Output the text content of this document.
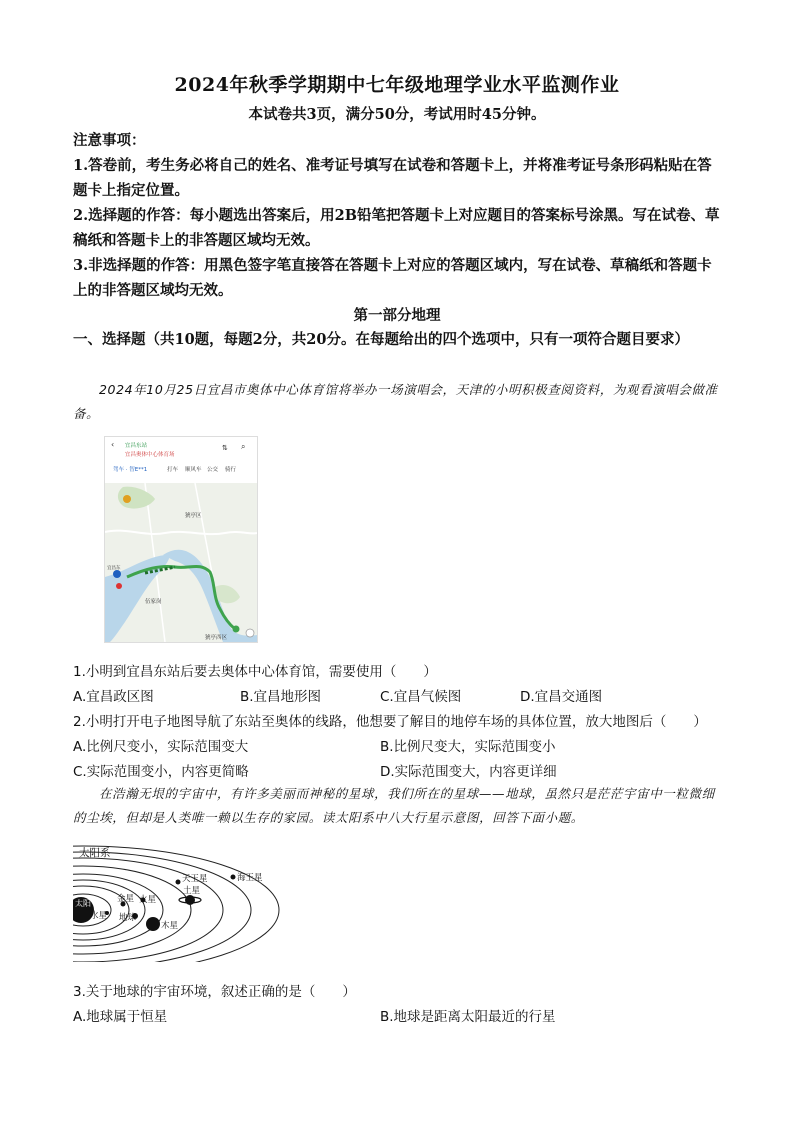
2024年秋季学期期中七年级地理学业水平监测作业
本试卷共3页，满分50分，考试用时45分钟。
注意事项：
1.答卷前，考生务必将自己的姓名、准考证号填写在试卷和答题卡上，并将准考证号条形码粘贴在答题卡上指定位置。
2.选择题的作答：每小题选出答案后，用2B铅笔把答题卡上对应题目的答案标号涂黑。写在试卷、草稿纸和答题卡上的非答题区域均无效。
3.非选择题的作答：用黑色签字笔直接答在答题卡上对应的答题区域内，写在试卷、草稿纸和答题卡上的非答题区域均无效。
第一部分地理
一、选择题（共10题，每题2分，共20分。在每题给出的四个选项中，只有一项符合题目要求）
2024年10月25日宜昌市奥体中心体育馆将举办一场演唱会，天津的小明积极查阅资料，为观看演唱会做准备。
‹ 宜昌东站
宜昌奥体中心体育场
⇅ ⌕
驾车 · 智E**1	打车 顺风车 公交 骑行
猇亭区
伍家岗
猇亭西区
宜昌东
1.小明到宜昌东站后要去奥体中心体育馆，需要使用（　　）
A.宜昌政区图	B.宜昌地形图	C.宜昌气候图	D.宜昌交通图
2.小明打开电子地图导航了东站至奥体的线路，他想要了解目的地停车场的具体位置，放大地图后（　　）
A.比例尺变小，实际范围变大	B.比例尺变大，实际范围变小
C.实际范围变小，内容更简略	D.实际范围变大，内容更详细
在浩瀚无垠的宇宙中，有许多美丽而神秘的星球，我们所在的星球——地球，虽然只是茫茫宇宙中一粒微细的尘埃，但却是人类唯一赖以生存的家园。读太阳系中八大行星示意图，回答下面小题。
太阳系
太阳
水星
金星
地球
火星
木星
土星
天王星	海王星
3.关于地球的宇宙环境，叙述正确的是（　　）
A.地球属于恒星	B.地球是距离太阳最近的行星
